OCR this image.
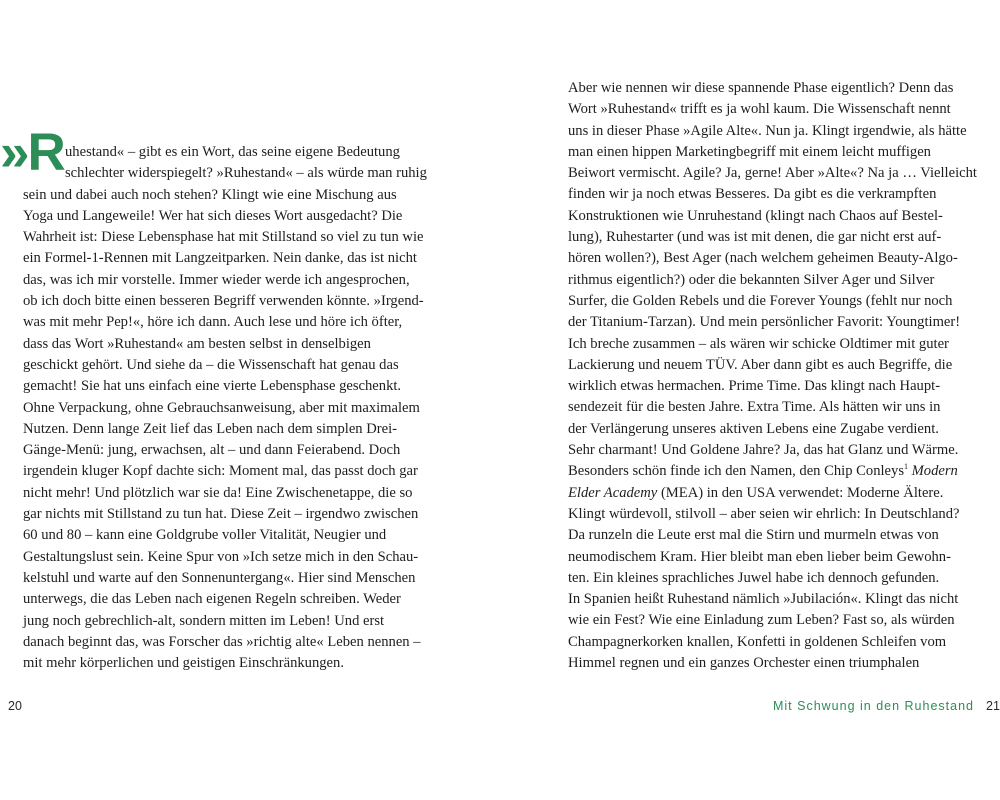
»R uhestand« – gibt es ein Wort, das seine eigene Bedeutung
schlechter widerspiegelt? »Ruhestand« – als würde man ruhig
sein und dabei auch noch stehen? Klingt wie eine Mischung aus
Yoga und Langeweile! Wer hat sich dieses Wort ausgedacht? Die
Wahrheit ist: Diese Lebensphase hat mit Stillstand so viel zu tun wie
ein Formel-1-Rennen mit Langzeitparken. Nein danke, das ist nicht
das, was ich mir vorstelle. Immer wieder werde ich angesprochen,
ob ich doch bitte einen besseren Begriff verwenden könnte. »Irgend-
was mit mehr Pep!«, höre ich dann. Auch lese und höre ich öfter,
dass das Wort »Ruhestand« am besten selbst in denselbigen
geschickt gehört. Und siehe da – die Wissenschaft hat genau das
gemacht! Sie hat uns einfach eine vierte Lebensphase geschenkt.
Ohne Verpackung, ohne Gebrauchsanweisung, aber mit maximalem
Nutzen. Denn lange Zeit lief das Leben nach dem simplen Drei-
Gänge-Menü: jung, erwachsen, alt – und dann Feierabend. Doch
irgendein kluger Kopf dachte sich: Moment mal, das passt doch gar
nicht mehr! Und plötzlich war sie da! Eine Zwischenetappe, die so
gar nichts mit Stillstand zu tun hat. Diese Zeit – irgendwo zwischen
60 und 80 – kann eine Goldgrube voller Vitalität, Neugier und
Gestaltungslust sein. Keine Spur von »Ich setze mich in den Schau-
kelstuhl und warte auf den Sonnenuntergang«. Hier sind Menschen
unterwegs, die das Leben nach eigenen Regeln schreiben. Weder
jung noch gebrechlich-alt, sondern mitten im Leben! Und erst
danach beginnt das, was Forscher das »richtig alte« Leben nennen –
mit mehr körperlichen und geistigen Einschränkungen.
Aber wie nennen wir diese spannende Phase eigentlich? Denn das
Wort »Ruhestand« trifft es ja wohl kaum. Die Wissenschaft nennt
uns in dieser Phase »Agile Alte«. Nun ja. Klingt irgendwie, als hätte
man einen hippen Marketingbegriff mit einem leicht muffigen
Beiwort vermischt. Agile? Ja, gerne! Aber »Alte«? Na ja … Vielleicht
finden wir ja noch etwas Besseres. Da gibt es die verkrampften
Konstruktionen wie Unruhestand (klingt nach Chaos auf Bestel-
lung), Ruhestarter (und was ist mit denen, die gar nicht erst auf-
hören wollen?), Best Ager (nach welchem geheimen Beauty-Algo-
rithmus eigentlich?) oder die bekannten Silver Ager und Silver
Surfer, die Golden Rebels und die Forever Youngs (fehlt nur noch
der Titanium-Tarzan). Und mein persönlicher Favorit: Youngtimer!
Ich breche zusammen – als wären wir schicke Oldtimer mit guter
Lackierung und neuem TÜV. Aber dann gibt es auch Begriffe, die
wirklich etwas hermachen. Prime Time. Das klingt nach Haupt-
sendezeit für die besten Jahre. Extra Time. Als hätten wir uns in
der Verlängerung unseres aktiven Lebens eine Zugabe verdient.
Sehr charmant! Und Goldene Jahre? Ja, das hat Glanz und Wärme.
Besonders schön finde ich den Namen, den Chip Conleys$^1$ Modern
Elder Academy (MEA) in den USA verwendet: Moderne Ältere.
Klingt würdevoll, stilvoll – aber seien wir ehrlich: In Deutschland?
Da runzeln die Leute erst mal die Stirn und murmeln etwas von
neumodischem Kram. Hier bleibt man eben lieber beim Gewohn-
ten. Ein kleines sprachliches Juwel habe ich dennoch gefunden.
In Spanien heißt Ruhestand nämlich »Jubilación«. Klingt das nicht
wie ein Fest? Wie eine Einladung zum Leben? Fast so, als würden
Champagnerkorken knallen, Konfetti in goldenen Schleifen vom
Himmel regnen und ein ganzes Orchester einen triumphalen
20	Mit Schwung in den Ruhestand 21
